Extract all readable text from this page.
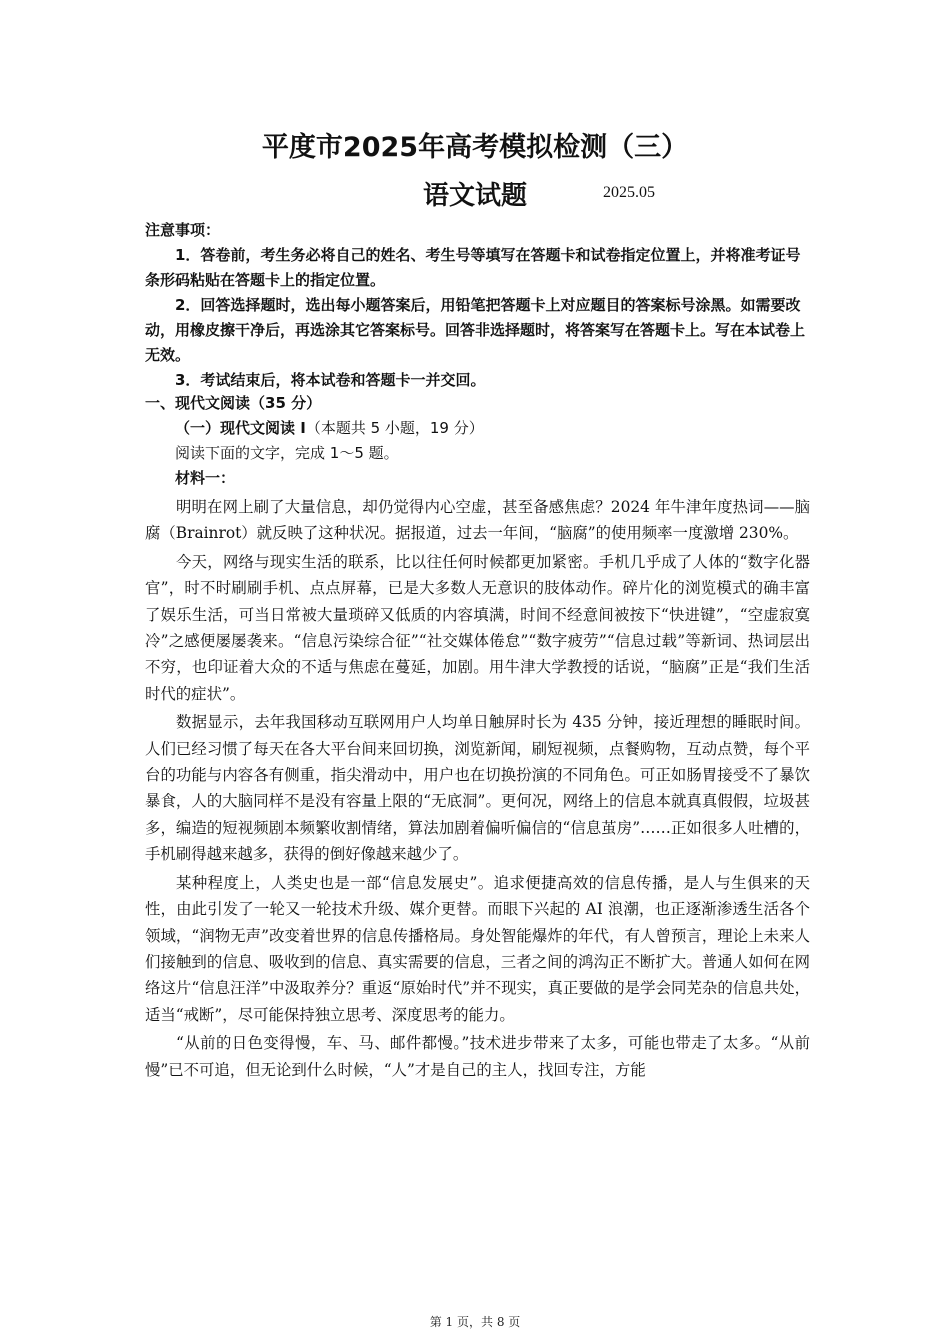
平度市2025年高考模拟检测（三）
语文试题	2025.05

注意事项：

1．答卷前，考生务必将自己的姓名、考生号等填写在答题卡和试卷指定位置上，并将准考证号条形码粘贴在答题卡上的指定位置。

2．回答选择题时，选出每小题答案后，用铅笔把答题卡上对应题目的答案标号涂黑。如需要改动，用橡皮擦干净后，再选涂其它答案标号。回答非选择题时，将答案写在答题卡上。写在本试卷上无效。

3．考试结束后，将本试卷和答题卡一并交回。

一、现代文阅读（35 分）

（一）现代文阅读 I（本题共 5 小题，19 分）

阅读下面的文字，完成 1～5 题。

材料一：

明明在网上刷了大量信息，却仍觉得内心空虚，甚至备感焦虑？2024 年牛津年度热词——脑腐（Brainrot）就反映了这种状况。据报道，过去一年间，“脑腐”的使用频率一度激增 230%。

今天，网络与现实生活的联系，比以往任何时候都更加紧密。手机几乎成了人体的“数字化器官”，时不时刷刷手机、点点屏幕，已是大多数人无意识的肢体动作。碎片化的浏览模式的确丰富了娱乐生活，可当日常被大量琐碎又低质的内容填满，时间不经意间被按下“快进键”，“空虚寂寞冷”之感便屡屡袭来。“信息污染综合征”“社交媒体倦怠”“数字疲劳”“信息过载”等新词、热词层出不穷，也印证着大众的不适与焦虑在蔓延，加剧。用牛津大学教授的话说，“脑腐”正是“我们生活时代的症状”。

数据显示，去年我国移动互联网用户人均单日触屏时长为 435 分钟，接近理想的睡眠时间。人们已经习惯了每天在各大平台间来回切换，浏览新闻，刷短视频，点餐购物，互动点赞，每个平台的功能与内容各有侧重，指尖滑动中，用户也在切换扮演的不同角色。可正如肠胃接受不了暴饮暴食，人的大脑同样不是没有容量上限的“无底洞”。更何况，网络上的信息本就真真假假，垃圾甚多，编造的短视频剧本频繁收割情绪，算法加剧着偏听偏信的“信息茧房”……正如很多人吐槽的，手机刷得越来越多，获得的倒好像越来越少了。

某种程度上，人类史也是一部“信息发展史”。追求便捷高效的信息传播，是人与生俱来的天性，由此引发了一轮又一轮技术升级、媒介更替。而眼下兴起的 AI 浪潮，也正逐渐渗透生活各个领域，“润物无声”改变着世界的信息传播格局。身处智能爆炸的年代，有人曾预言，理论上未来人们接触到的信息、吸收到的信息、真实需要的信息，三者之间的鸿沟正不断扩大。普通人如何在网络这片“信息汪洋”中汲取养分？重返“原始时代”并不现实，真正要做的是学会同芜杂的信息共处，适当“戒断”，尽可能保持独立思考、深度思考的能力。

“从前的日色变得慢，车、马、邮件都慢。”技术进步带来了太多，可能也带走了太多。“从前慢”已不可追，但无论到什么时候，“人”才是自己的主人，找回专注，方能

第 1 页，共 8 页
